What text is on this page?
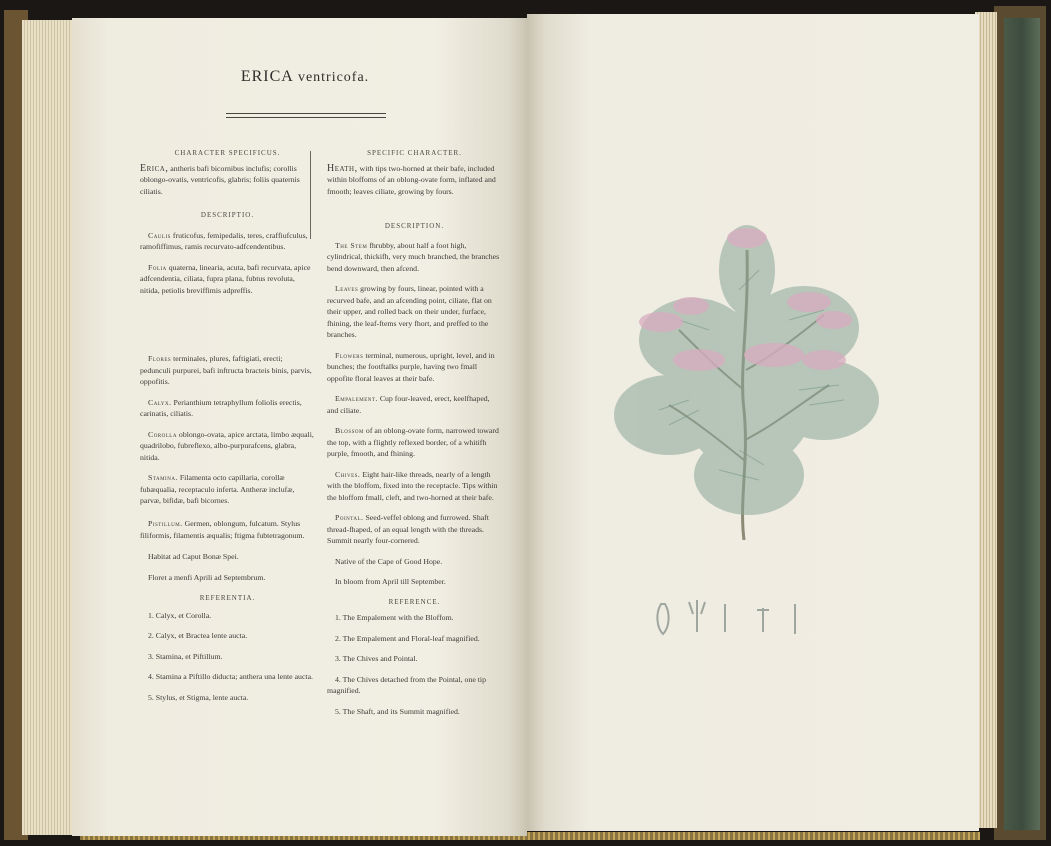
ERICA ventricofa.

CHARACTER SPECIFICUS.

Erica, antheris bafi bicornibus inclufis; corollis oblongo-ovatis, ventricofis, glabris; foliis quaternis ciliatis.

DESCRIPTIO.

Caulis fruticofus, femipedalis, teres, craffiufculus, ramofiffimus, ramis recurvato-adfcendentibus.

Folia quaterna, linearia, acuta, bafi recurvata, apice adfcendentia, ciliata, fupra plana, fubtus revoluta, nitida, petiolis breviffimis adpreffis.

Flores terminales, plures, faftigiati, erecti; pedunculi purpurei, bafi inftructa bracteis binis, parvis, oppofitis.

Calyx. Perianthium tetraphyllum foliolis erectis, carinatis, ciliatis.

Corolla oblongo-ovata, apice arctata, limbo æquali, quadrilobo, fubreflexo, albo-purpurafcens, glabra, nitida.

Stamina. Filamenta octo capillaria, corollæ fubæqualia, receptaculo inferta. Antheræ inclufæ, parvæ, bifidæ, bafi bicornes.

Pistillum. Germen, oblongum, fulcatum. Stylus filiformis, filamentis æqualis; ftigma fubtetragonum.

Habitat ad Caput Bonæ Spei.

Floret a menfi Aprili ad Septembrum.

REFERENTIA.

1. Calyx, et Corolla.

2. Calyx, et Bractea lente aucta.

3. Stamina, et Piftillum.

4. Stamina a Piftillo diducta; anthera una lente aucta.

5. Stylus, et Stigma, lente aucta.

SPECIFIC CHARACTER.

Heath, with tips two-horned at their bafe, included within bloffoms of an oblong-ovate form, inflated and fmooth; leaves ciliate, growing by fours.

DESCRIPTION.

The Stem fhrubby, about half a foot high, cylindrical, thickifh, very much branched, the branches bend downward, then afcend.

Leaves growing by fours, linear, pointed with a recurved bafe, and an afcending point, ciliate, flat on their upper, and rolled back on their under, furface, fhining, the leaf-ftems very fhort, and preffed to the branches.

Flowers terminal, numerous, upright, level, and in bunches; the footftalks purple, having two fmall oppofite floral leaves at their bafe.

Empalement. Cup four-leaved, erect, keelfhaped, and ciliate.

Blossom of an oblong-ovate form, narrowed toward the top, with a flightly reflexed border, of a whitifh purple, fmooth, and fhining.

Chives. Eight hair-like threads, nearly of a length with the bloffom, fixed into the receptacle. Tips within the bloffom fmall, cleft, and two-horned at their bafe.

Pointal. Seed-veffel oblong and furrowed. Shaft thread-fhaped, of an equal length with the threads. Summit nearly four-cornered.

Native of the Cape of Good Hope.

In bloom from April till September.

REFERENCE.

1. The Empalement with the Bloffom.

2. The Empalement and Floral-leaf magnified.

3. The Chives and Pointal.

4. The Chives detached from the Pointal, one tip magnified.

5. The Shaft, and its Summit magnified.
